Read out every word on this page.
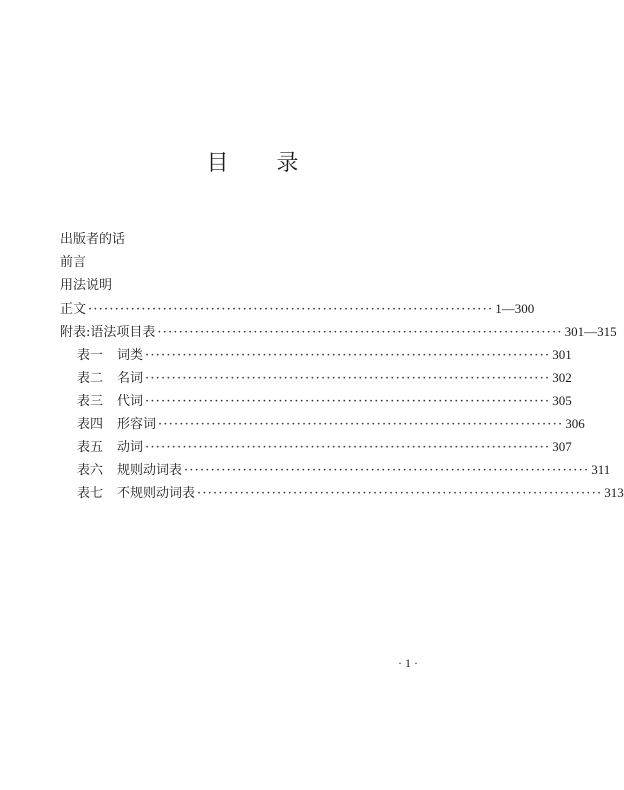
目 录
出版者的话
前言
用法说明
正文 ············································································ 1—300
附表:语法项目表 ············································································ 301—315
表一 词类 ············································································ 301
表二 名词 ············································································ 302
表三 代词 ············································································ 305
表四 形容词 ············································································ 306
表五 动词 ············································································ 307
表六 规则动词表 ············································································ 311
表七 不规则动词表 ············································································ 313
· 1 ·
